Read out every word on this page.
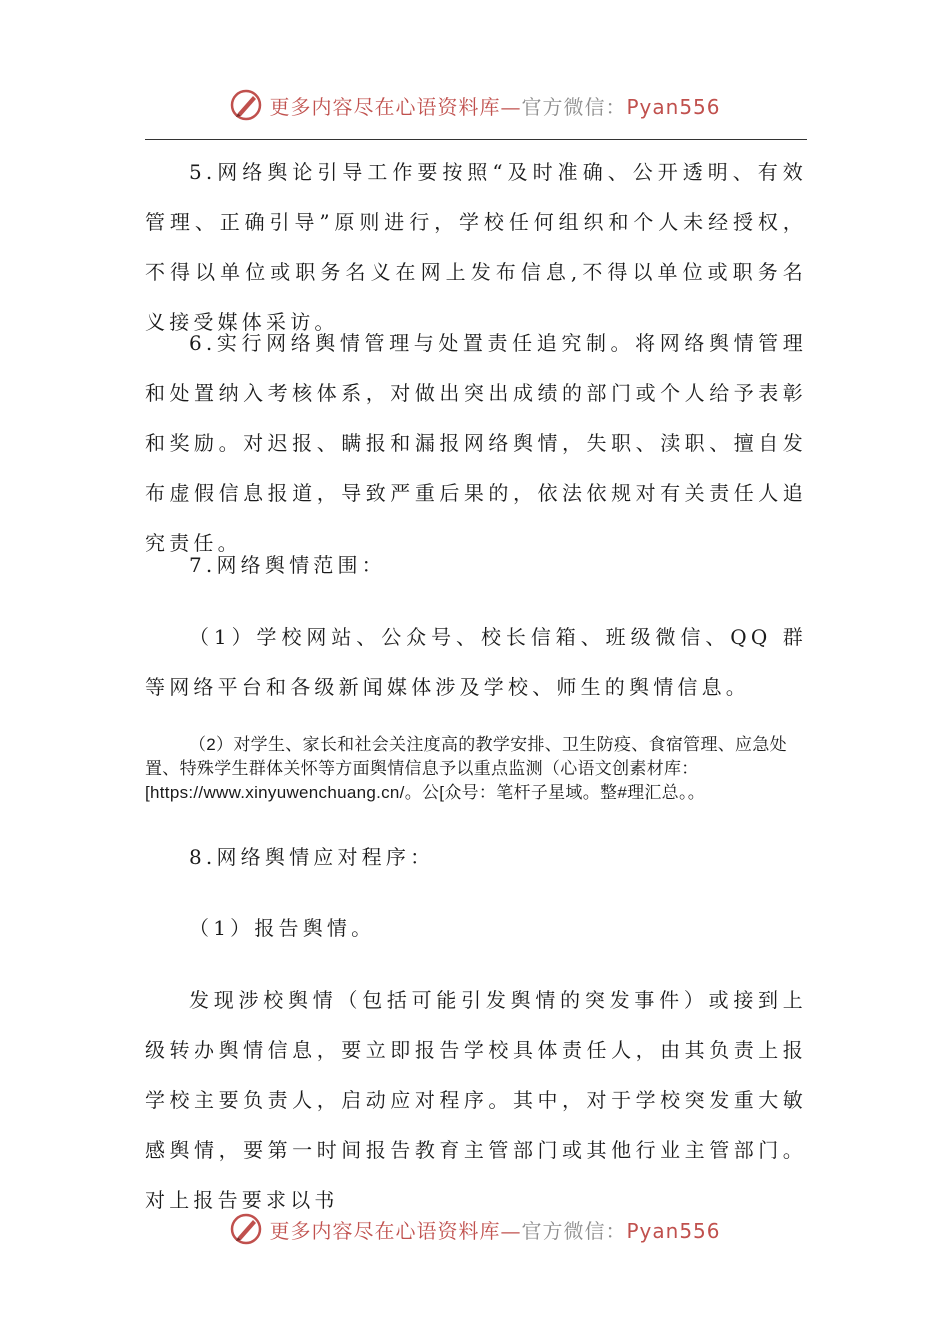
更多内容尽在心语资料库—官方微信：Pyan556

5.网络舆论引导工作要按照“及时准确、公开透明、有效管理、正确引导”原则进行，学校任何组织和个人未经授权，不得以单位或职务名义在网上发布信息,不得以单位或职务名义接受媒体采访。

6.实行网络舆情管理与处置责任追究制。将网络舆情管理和处置纳入考核体系，对做出突出成绩的部门或个人给予表彰和奖励。对迟报、瞒报和漏报网络舆情，失职、渎职、擅自发布虚假信息报道，导致严重后果的，依法依规对有关责任人追究责任。

7.网络舆情范围：

（1）学校网站、公众号、校长信箱、班级微信、QQ 群等网络平台和各级新闻媒体涉及学校、师生的舆情信息。

（2）对学生、家长和社会关注度高的教学安排、卫生防疫、食宿管理、应急处置、特殊学生群体关怀等方面舆情信息予以重点监测（心语文创素材库：[https://www.xinyuwenchuang.cn/。公[众号：笔杆子星域。整#理汇总。。

8.网络舆情应对程序：

（1）报告舆情。

发现涉校舆情（包括可能引发舆情的突发事件）或接到上级转办舆情信息，要立即报告学校具体责任人，由其负责上报学校主要负责人，启动应对程序。其中，对于学校突发重大敏感舆情，要第一时间报告教育主管部门或其他行业主管部门。对上报告要求以书

更多内容尽在心语资料库—官方微信：Pyan556
